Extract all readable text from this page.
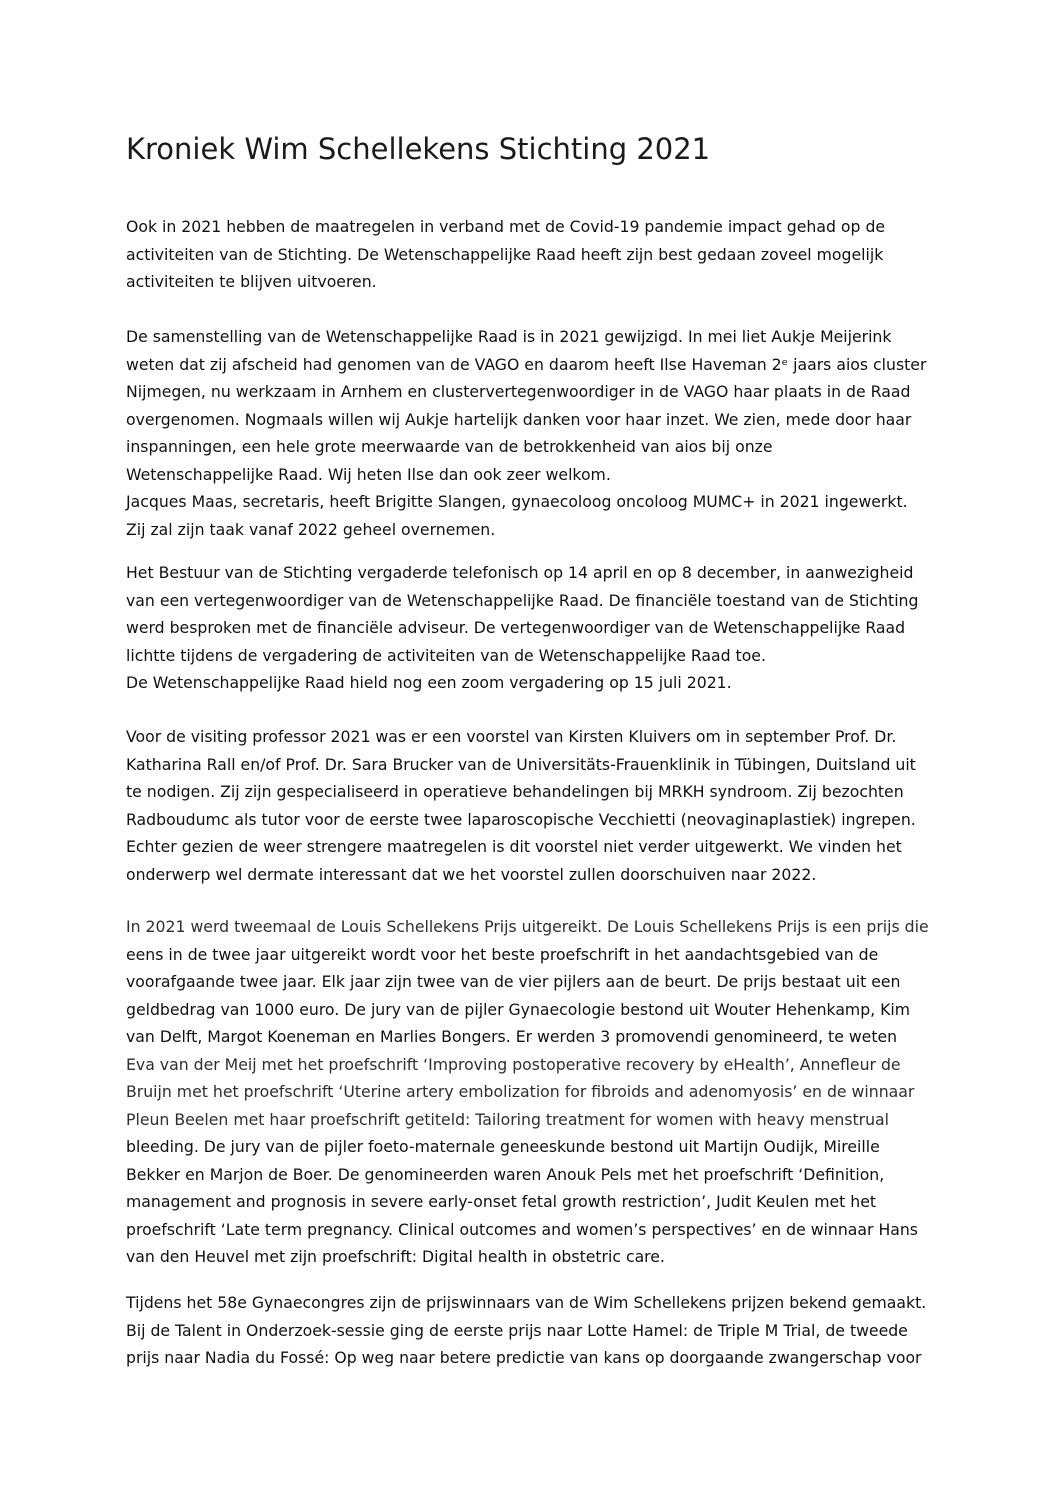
Kroniek Wim Schellekens Stichting 2021
Ook in 2021 hebben de maatregelen in verband met de Covid-19 pandemie impact gehad op de
activiteiten van de Stichting. De Wetenschappelijke Raad heeft zijn best gedaan zoveel mogelijk
activiteiten te blijven uitvoeren.
De samenstelling van de Wetenschappelijke Raad is in 2021 gewijzigd. In mei liet Aukje Meijerink
weten dat zij afscheid had genomen van de VAGO en daarom heeft Ilse Haveman 2ᵉ jaars aios cluster
Nijmegen, nu werkzaam in Arnhem en clustervertegenwoordiger in de VAGO haar plaats in de Raad
overgenomen. Nogmaals willen wij Aukje hartelijk danken voor haar inzet. We zien, mede door haar
inspanningen, een hele grote meerwaarde van de betrokkenheid van aios bij onze
Wetenschappelijke Raad. Wij heten Ilse dan ook zeer welkom.
Jacques Maas, secretaris, heeft Brigitte Slangen, gynaecoloog oncoloog MUMC+ in 2021 ingewerkt.
Zij zal zijn taak vanaf 2022 geheel overnemen.
Het Bestuur van de Stichting vergaderde telefonisch op 14 april en op 8 december, in aanwezigheid
van een vertegenwoordiger van de Wetenschappelijke Raad. De financiële toestand van de Stichting
werd besproken met de financiële adviseur. De vertegenwoordiger van de Wetenschappelijke Raad
lichtte tijdens de vergadering de activiteiten van de Wetenschappelijke Raad toe.
De Wetenschappelijke Raad hield nog een zoom vergadering op 15 juli 2021.
Voor de visiting professor 2021 was er een voorstel van Kirsten Kluivers om in september Prof. Dr.
Katharina Rall en/of Prof. Dr. Sara Brucker van de Universitäts-Frauenklinik in Tübingen, Duitsland uit
te nodigen. Zij zijn gespecialiseerd in operatieve behandelingen bij MRKH syndroom. Zij bezochten
Radboudumc als tutor voor de eerste twee laparoscopische Vecchietti (neovaginaplastiek) ingrepen.
Echter gezien de weer strengere maatregelen is dit voorstel niet verder uitgewerkt. We vinden het
onderwerp wel dermate interessant dat we het voorstel zullen doorschuiven naar 2022.
In 2021 werd tweemaal de Louis Schellekens Prijs uitgereikt. De Louis Schellekens Prijs is een prijs die
eens in de twee jaar uitgereikt wordt voor het beste proefschrift in het aandachtsgebied van de
voorafgaande twee jaar. Elk jaar zijn twee van de vier pijlers aan de beurt. De prijs bestaat uit een
geldbedrag van 1000 euro. De jury van de pijler Gynaecologie bestond uit Wouter Hehenkamp, Kim
van Delft, Margot Koeneman en Marlies Bongers. Er werden 3 promovendi genomineerd, te weten
Eva van der Meij met het proefschrift ‘Improving postoperative recovery by eHealth’, Annefleur de
Bruijn met het proefschrift ‘Uterine artery embolization for fibroids and adenomyosis’ en de winnaar
Pleun Beelen met haar proefschrift getiteld: Tailoring treatment for women with heavy menstrual
bleeding. De jury van de pijler foeto-maternale geneeskunde bestond uit Martijn Oudijk, Mireille
Bekker en Marjon de Boer. De genomineerden waren Anouk Pels met het proefschrift ‘Definition,
management and prognosis in severe early-onset fetal growth restriction’, Judit Keulen met het
proefschrift ‘Late term pregnancy. Clinical outcomes and women’s perspectives’ en de winnaar Hans
van den Heuvel met zijn proefschrift: Digital health in obstetric care.
Tijdens het 58e Gynaecongres zijn de prijswinnaars van de Wim Schellekens prijzen bekend gemaakt.
Bij de Talent in Onderzoek-sessie ging de eerste prijs naar Lotte Hamel: de Triple M Trial, de tweede
prijs naar Nadia du Fossé: Op weg naar betere predictie van kans op doorgaande zwangerschap voor
